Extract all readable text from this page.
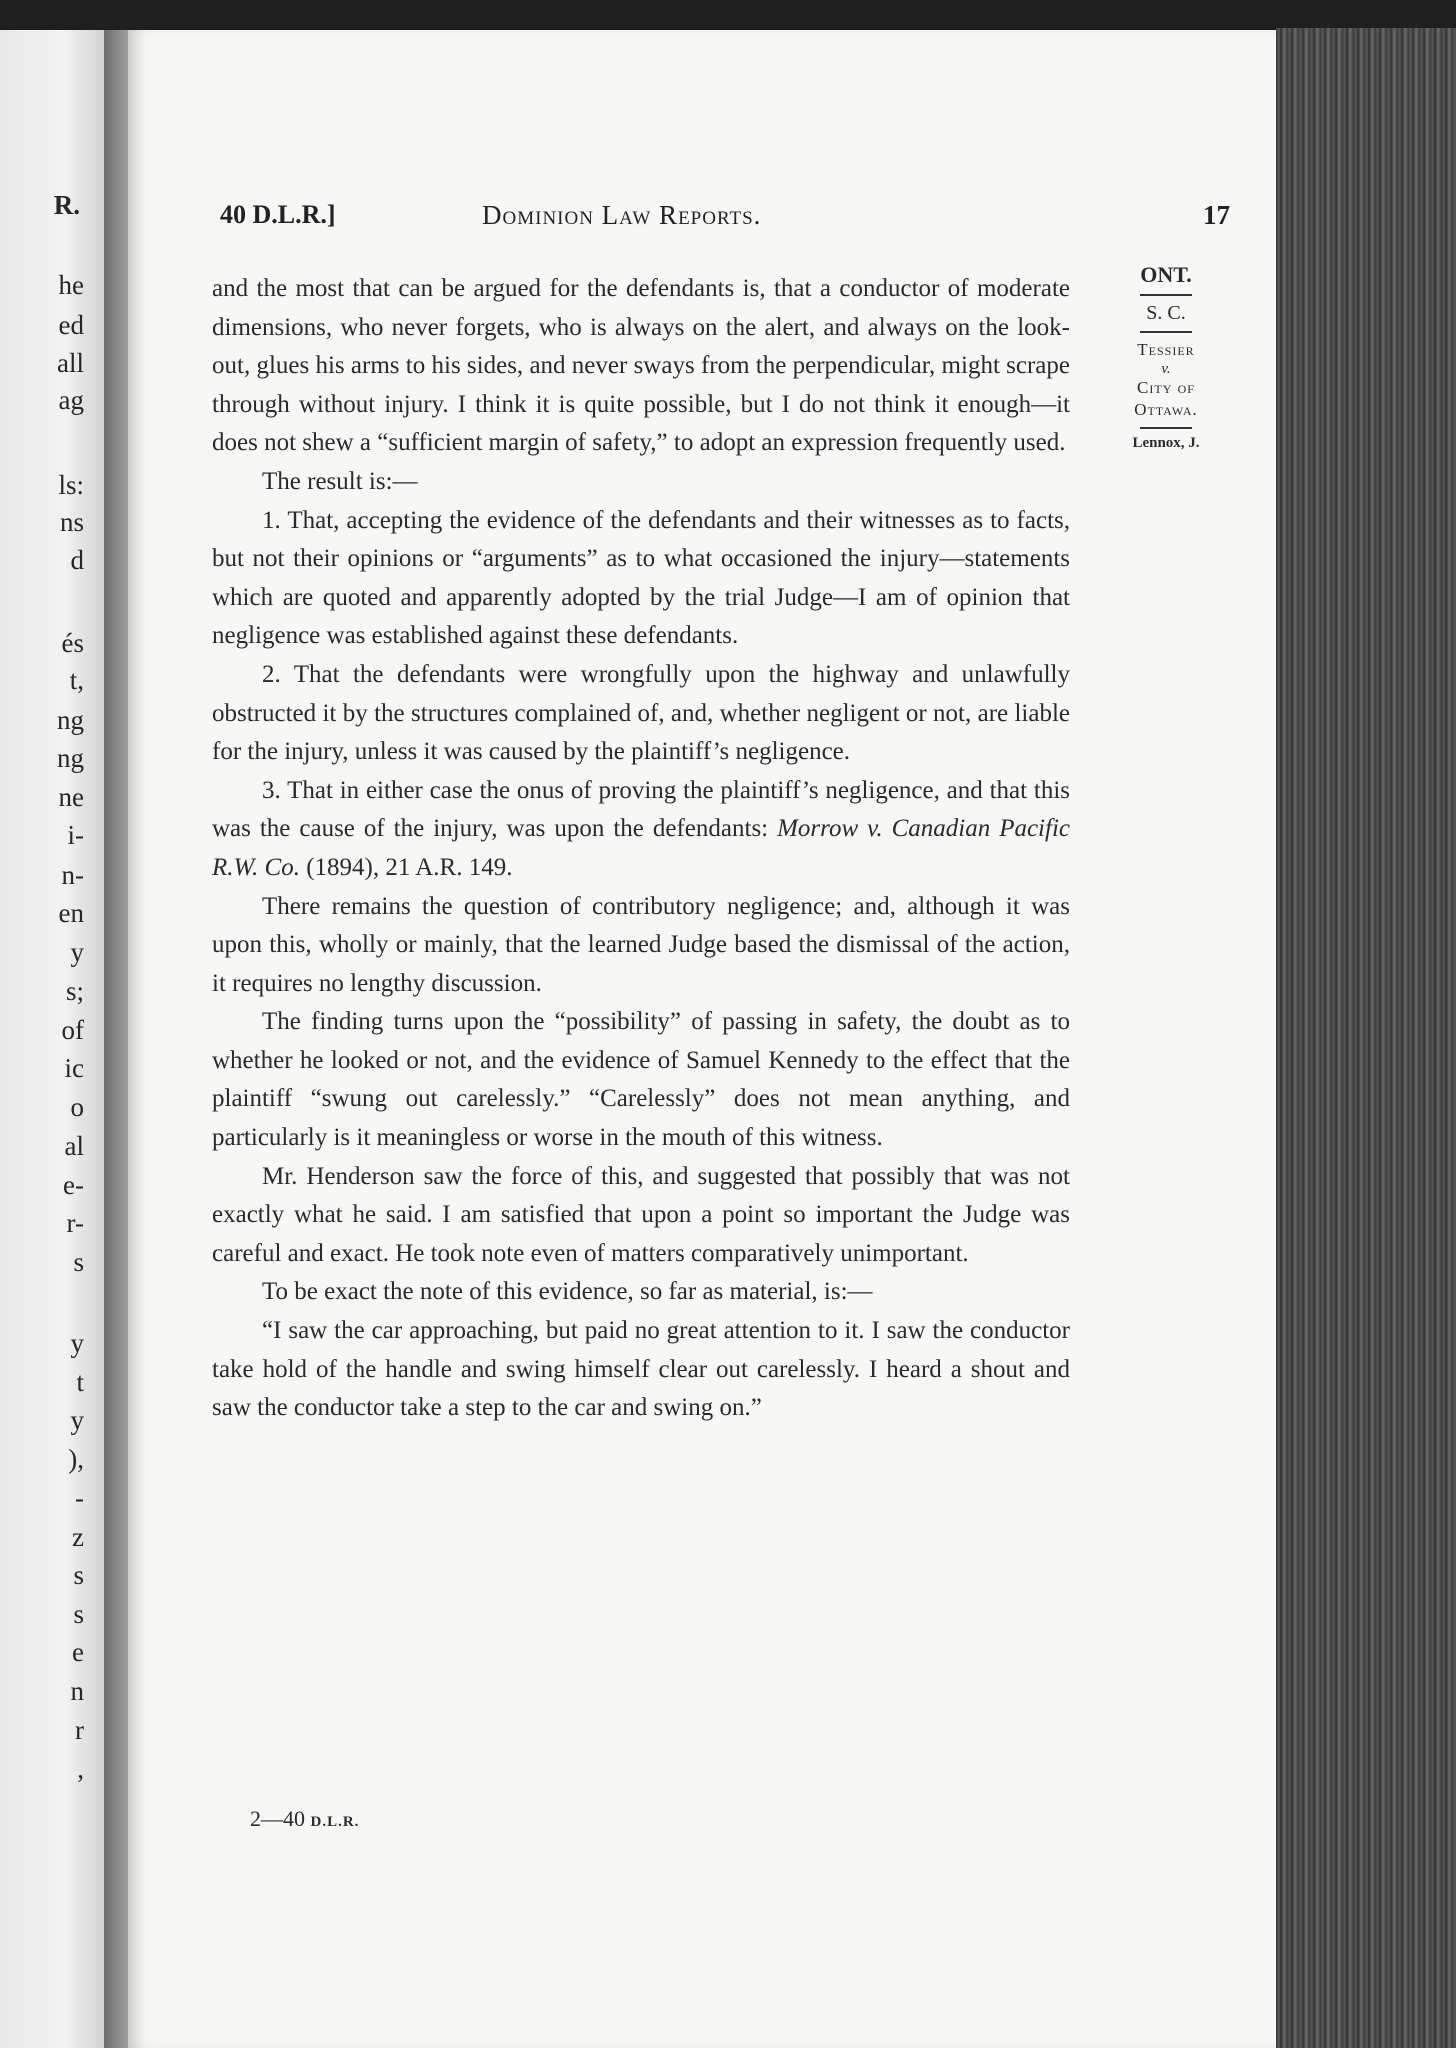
R.
he
ed
all
ag
ls:
ns
d
és
t,
ng
ng
ne
i-
n-
en
y
s;
of
ic
o
al
e-
r-
s
y
t
y
),
-
z
s
s
e
n
r
,
40 D.L.R.]	Dominion Law Reports.	17
ONT.
S. C.
Tessier
v.
City of
Ottawa.
Lennox, J.

and the most that can be argued for the defendants is, that a conductor of moderate dimensions, who never forgets, who is always on the alert, and always on the look-out, glues his arms to his sides, and never sways from the perpendicular, might scrape through without injury. I think it is quite possible, but I do not think it enough—it does not shew a “sufficient margin of safety,” to adopt an expression frequently used.

The result is:—

1. That, accepting the evidence of the defendants and their witnesses as to facts, but not their opinions or “arguments” as to what occasioned the injury—statements which are quoted and apparently adopted by the trial Judge—I am of opinion that negligence was established against these defendants.

2. That the defendants were wrongfully upon the highway and unlawfully obstructed it by the structures complained of, and, whether negligent or not, are liable for the injury, unless it was caused by the plaintiff’s negligence.

3. That in either case the onus of proving the plaintiff’s negligence, and that this was the cause of the injury, was upon the defendants: Morrow v. Canadian Pacific R.W. Co. (1894), 21 A.R. 149.

There remains the question of contributory negligence; and, although it was upon this, wholly or mainly, that the learned Judge based the dismissal of the action, it requires no lengthy discussion.

The finding turns upon the “possibility” of passing in safety, the doubt as to whether he looked or not, and the evidence of Samuel Kennedy to the effect that the plaintiff “swung out carelessly.” “Carelessly” does not mean anything, and particularly is it meaningless or worse in the mouth of this witness.

Mr. Henderson saw the force of this, and suggested that possibly that was not exactly what he said. I am satisfied that upon a point so important the Judge was careful and exact. He took note even of matters comparatively unimportant.

To be exact the note of this evidence, so far as material, is:—

“I saw the car approaching, but paid no great attention to it. I saw the conductor take hold of the handle and swing himself clear out carelessly. I heard a shout and saw the conductor take a step to the car and swing on.”

2—40 D.L.R.
